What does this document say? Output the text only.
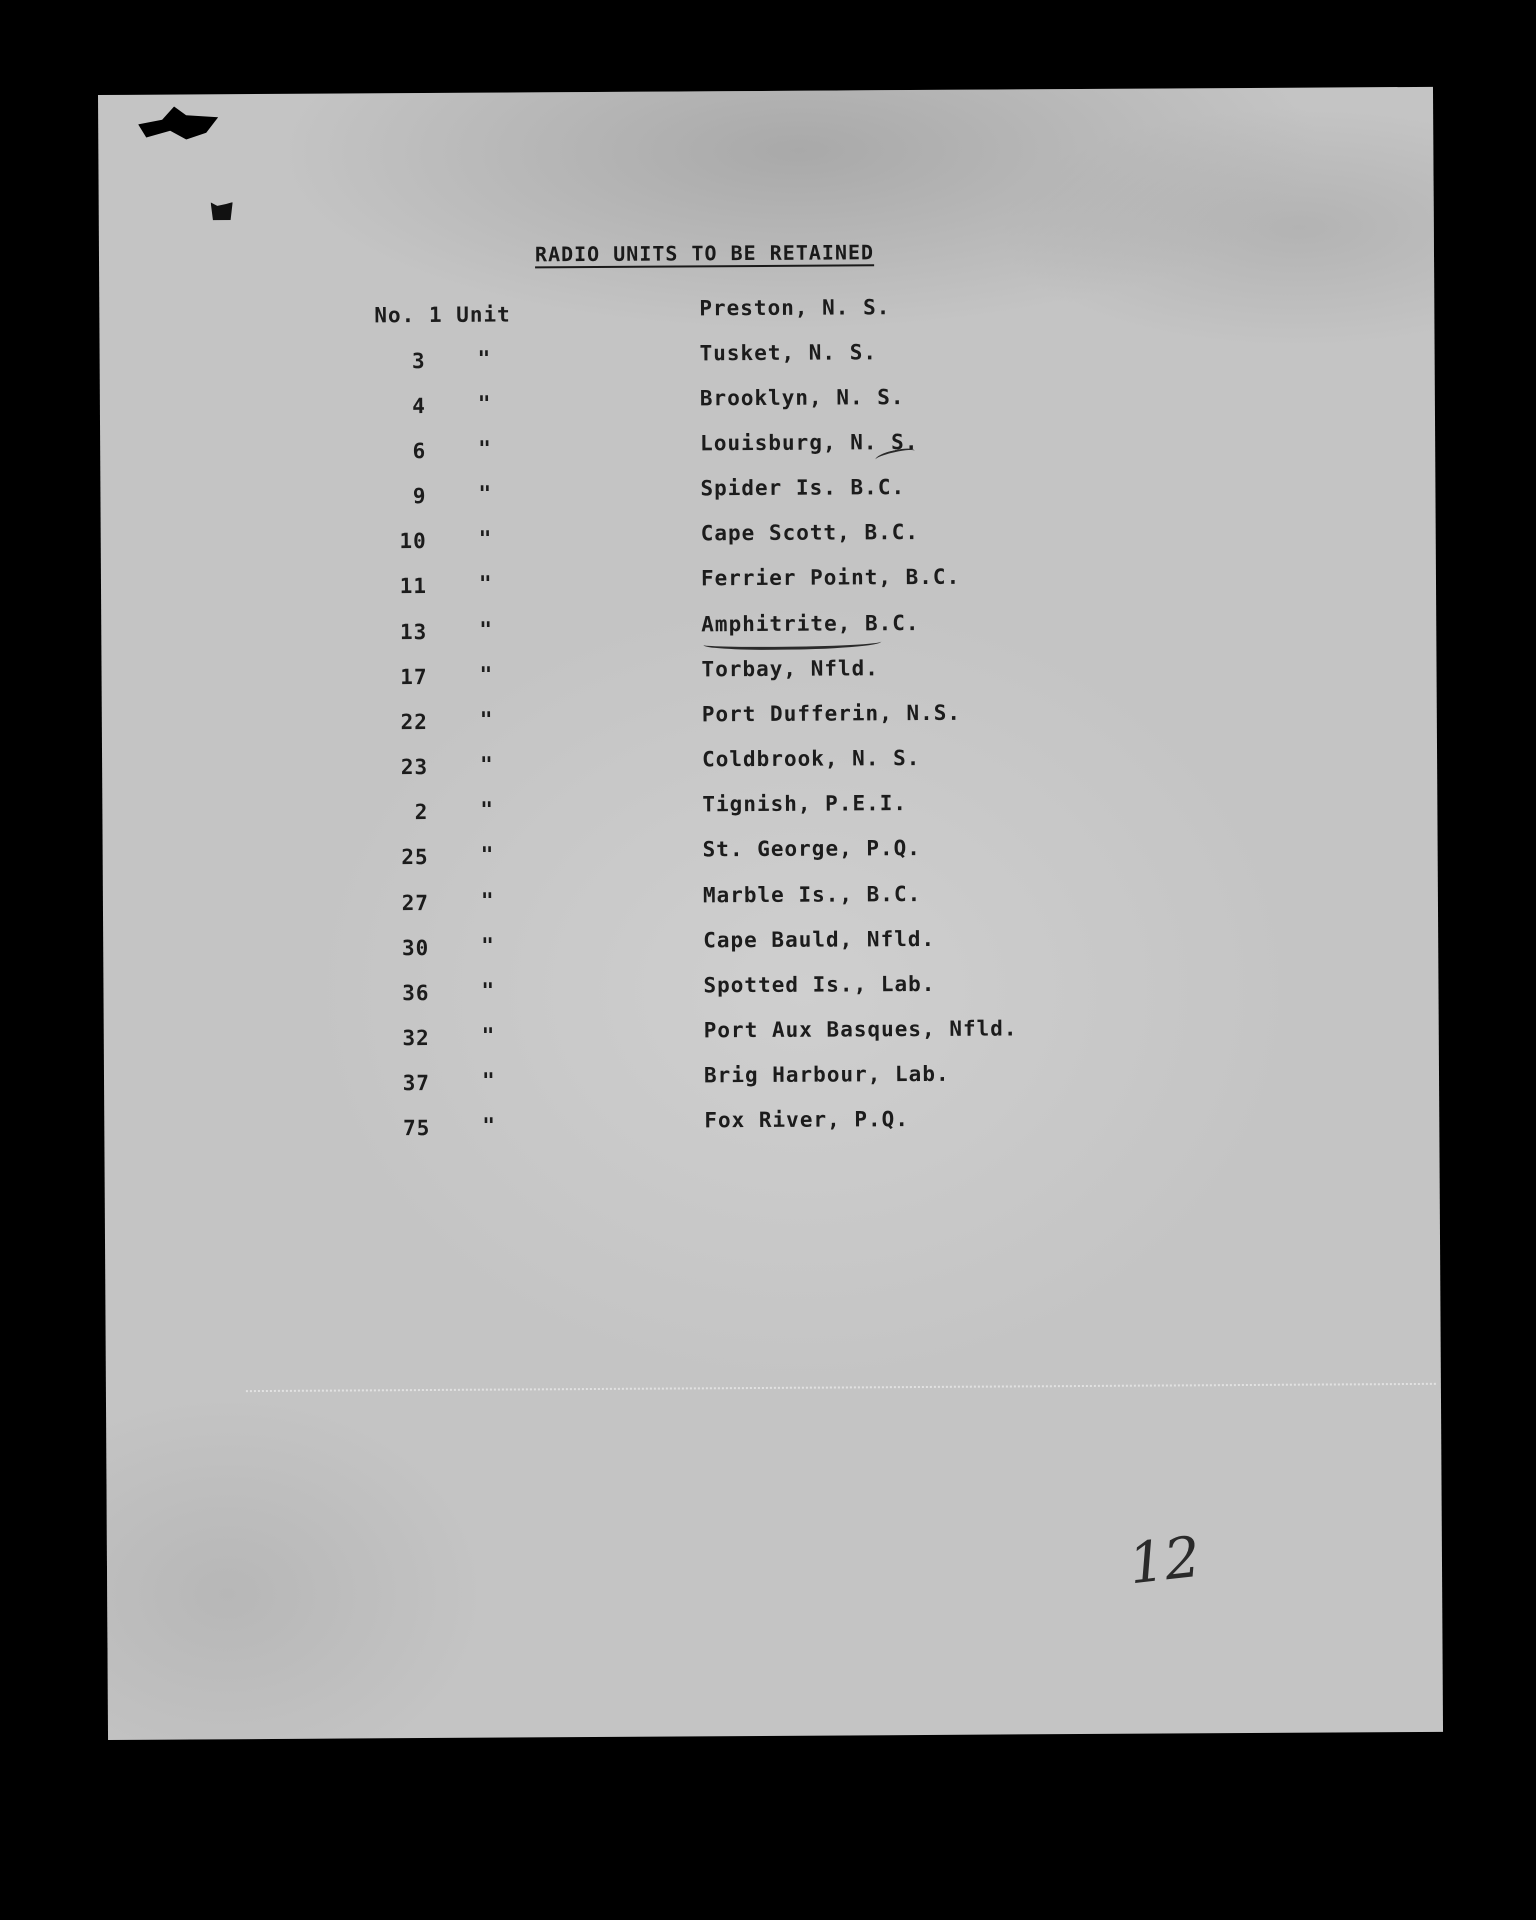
RADIO UNITS TO BE RETAINED
No. 1 Unit	Preston, N. S.
3 "	Tusket, N. S.
4 "	Brooklyn, N. S.
6 "	Louisburg, N. S.
9 "	Spider Is. B.C.
10 "	Cape Scott, B.C.
11 "	Ferrier Point, B.C.
13 "	Amphitrite, B.C.
17 "	Torbay, Nfld.
22 "	Port Dufferin, N.S.
23 "	Coldbrook, N. S.
2 "	Tignish, P.E.I.
25 "	St. George, P.Q.
27 "	Marble Is., B.C.
30 "	Cape Bauld, Nfld.
36 "	Spotted Is., Lab.
32 "	Port Aux Basques, Nfld.
37 "	Brig Harbour, Lab.
75 "	Fox River, P.Q.
12
